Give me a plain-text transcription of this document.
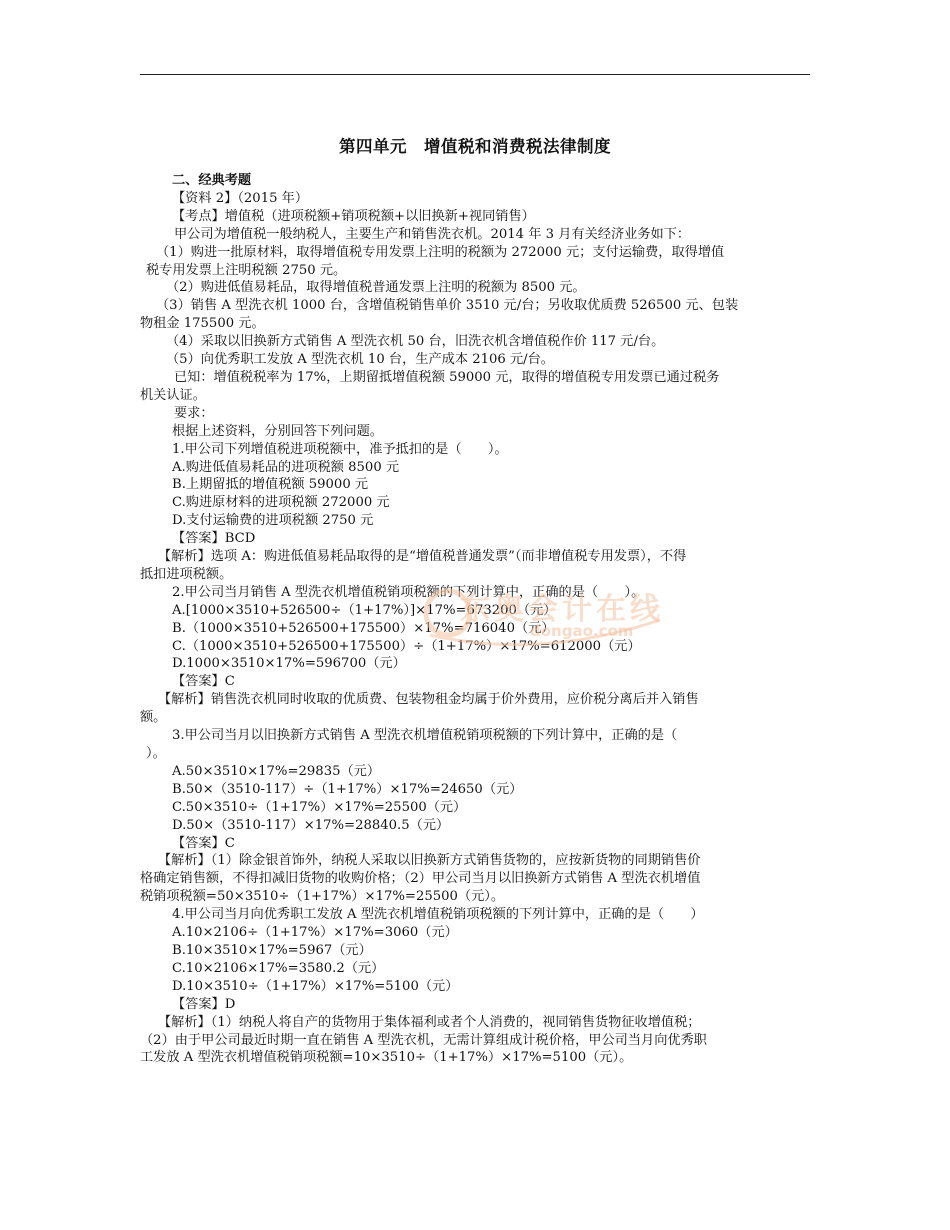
第四单元　增值税和消费税法律制度
二、经典考题
【资料 2】（2015 年）
【考点】增值税（进项税额+销项税额+以旧换新+视同销售）
甲公司为增值税一般纳税人，主要生产和销售洗衣机。2014 年 3 月有关经济业务如下：
（1）购进一批原材料，取得增值税专用发票上注明的税额为 272000 元；支付运输费，取得增值
税专用发票上注明税额 2750 元。
（2）购进低值易耗品，取得增值税普通发票上注明的税额为 8500 元。
（3）销售 A 型洗衣机 1000 台，含增值税销售单价 3510 元/台；另收取优质费 526500 元、包装
物租金 175500 元。
（4）采取以旧换新方式销售 A 型洗衣机 50 台，旧洗衣机含增值税作价 117 元/台。
（5）向优秀职工发放 A 型洗衣机 10 台，生产成本 2106 元/台。
已知：增值税税率为 17%，上期留抵增值税额 59000 元，取得的增值税专用发票已通过税务
机关认证。
要求：
根据上述资料，分别回答下列问题。
1.甲公司下列增值税进项税额中，准予抵扣的是（　　）。
A.购进低值易耗品的进项税额 8500 元
B.上期留抵的增值税额 59000 元
C.购进原材料的进项税额 272000 元
D.支付运输费的进项税额 2750 元
【答案】BCD
【解析】选项 A：购进低值易耗品取得的是“增值税普通发票”（而非增值税专用发票），不得
抵扣进项税额。
2.甲公司当月销售 A 型洗衣机增值税销项税额的下列计算中，正确的是（　　）。
A.[1000×3510+526500÷（1+17%）]×17%=673200（元）
B.（1000×3510+526500+175500）×17%=716040（元）
C.（1000×3510+526500+175500）÷（1+17%）×17%=612000（元）
D.1000×3510×17%=596700（元）
【答案】C
【解析】销售洗衣机同时收取的优质费、包装物租金均属于价外费用，应价税分离后并入销售
额。
3.甲公司当月以旧换新方式销售 A 型洗衣机增值税销项税额的下列计算中，正确的是（
）。
A.50×3510×17%=29835（元）
B.50×（3510-117）÷（1+17%）×17%=24650（元）
C.50×3510÷（1+17%）×17%=25500（元）
D.50×（3510-117）×17%=28840.5（元）
【答案】C
【解析】（1）除金银首饰外，纳税人采取以旧换新方式销售货物的，应按新货物的同期销售价
格确定销售额，不得扣减旧货物的收购价格；（2）甲公司当月以旧换新方式销售 A 型洗衣机增值
税销项税额=50×3510÷（1+17%）×17%=25500（元）。
4.甲公司当月向优秀职工发放 A 型洗衣机增值税销项税额的下列计算中，正确的是（　　）
A.10×2106÷（1+17%）×17%=3060（元）
B.10×3510×17%=5967（元）
C.10×2106×17%=3580.2（元）
D.10×3510÷（1+17%）×17%=5100（元）
【答案】D
【解析】（1）纳税人将自产的货物用于集体福利或者个人消费的，视同销售货物征收增值税；
（2）由于甲公司最近时期一直在销售 A 型洗衣机，无需计算组成计税价格，甲公司当月向优秀职
工发放 A 型洗衣机增值税销项税额=10×3510÷（1+17%）×17%=5100（元）。
东奥会计在线
dongao.com
